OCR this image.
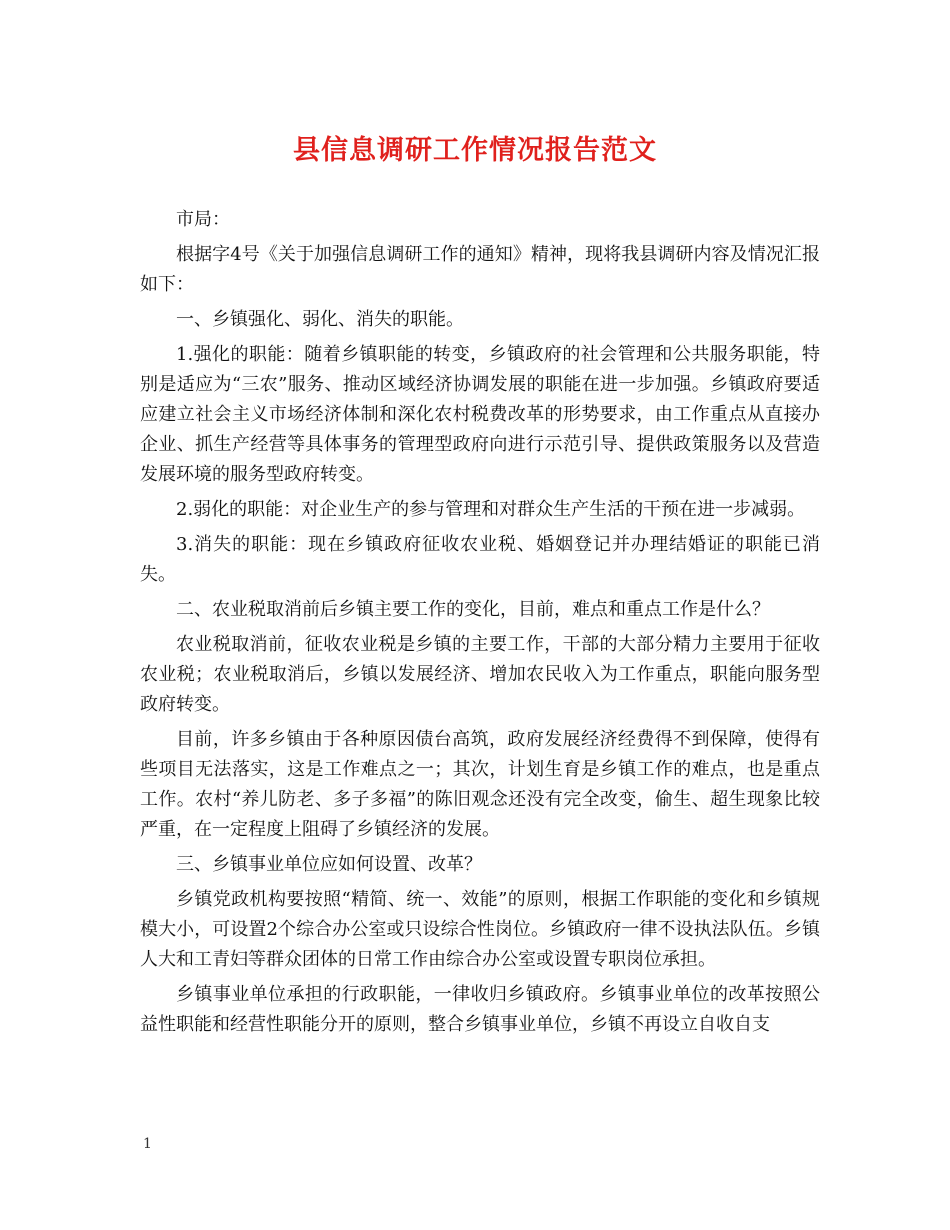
县信息调研工作情况报告范文

市局：

根据字4号《关于加强信息调研工作的通知》精神，现将我县调研内容及情况汇报如下：

一、乡镇强化、弱化、消失的职能。

1.强化的职能：随着乡镇职能的转变，乡镇政府的社会管理和公共服务职能，特别是适应为“三农”服务、推动区域经济协调发展的职能在进一步加强。乡镇政府要适应建立社会主义市场经济体制和深化农村税费改革的形势要求，由工作重点从直接办企业、抓生产经营等具体事务的管理型政府向进行示范引导、提供政策服务以及营造发展环境的服务型政府转变。

2.弱化的职能：对企业生产的参与管理和对群众生产生活的干预在进一步减弱。

3.消失的职能：现在乡镇政府征收农业税、婚姻登记并办理结婚证的职能已消失。

二、农业税取消前后乡镇主要工作的变化，目前，难点和重点工作是什么？

农业税取消前，征收农业税是乡镇的主要工作，干部的大部分精力主要用于征收农业税；农业税取消后，乡镇以发展经济、增加农民收入为工作重点，职能向服务型政府转变。

目前，许多乡镇由于各种原因债台高筑，政府发展经济经费得不到保障，使得有些项目无法落实，这是工作难点之一；其次，计划生育是乡镇工作的难点，也是重点工作。农村“养儿防老、多子多福”的陈旧观念还没有完全改变，偷生、超生现象比较严重，在一定程度上阻碍了乡镇经济的发展。

三、乡镇事业单位应如何设置、改革？

乡镇党政机构要按照“精简、统一、效能”的原则，根据工作职能的变化和乡镇规模大小，可设置2个综合办公室或只设综合性岗位。乡镇政府一律不设执法队伍。乡镇人大和工青妇等群众团体的日常工作由综合办公室或设置专职岗位承担。

乡镇事业单位承担的行政职能，一律收归乡镇政府。乡镇事业单位的改革按照公益性职能和经营性职能分开的原则，整合乡镇事业单位，乡镇不再设立自收自支

1
